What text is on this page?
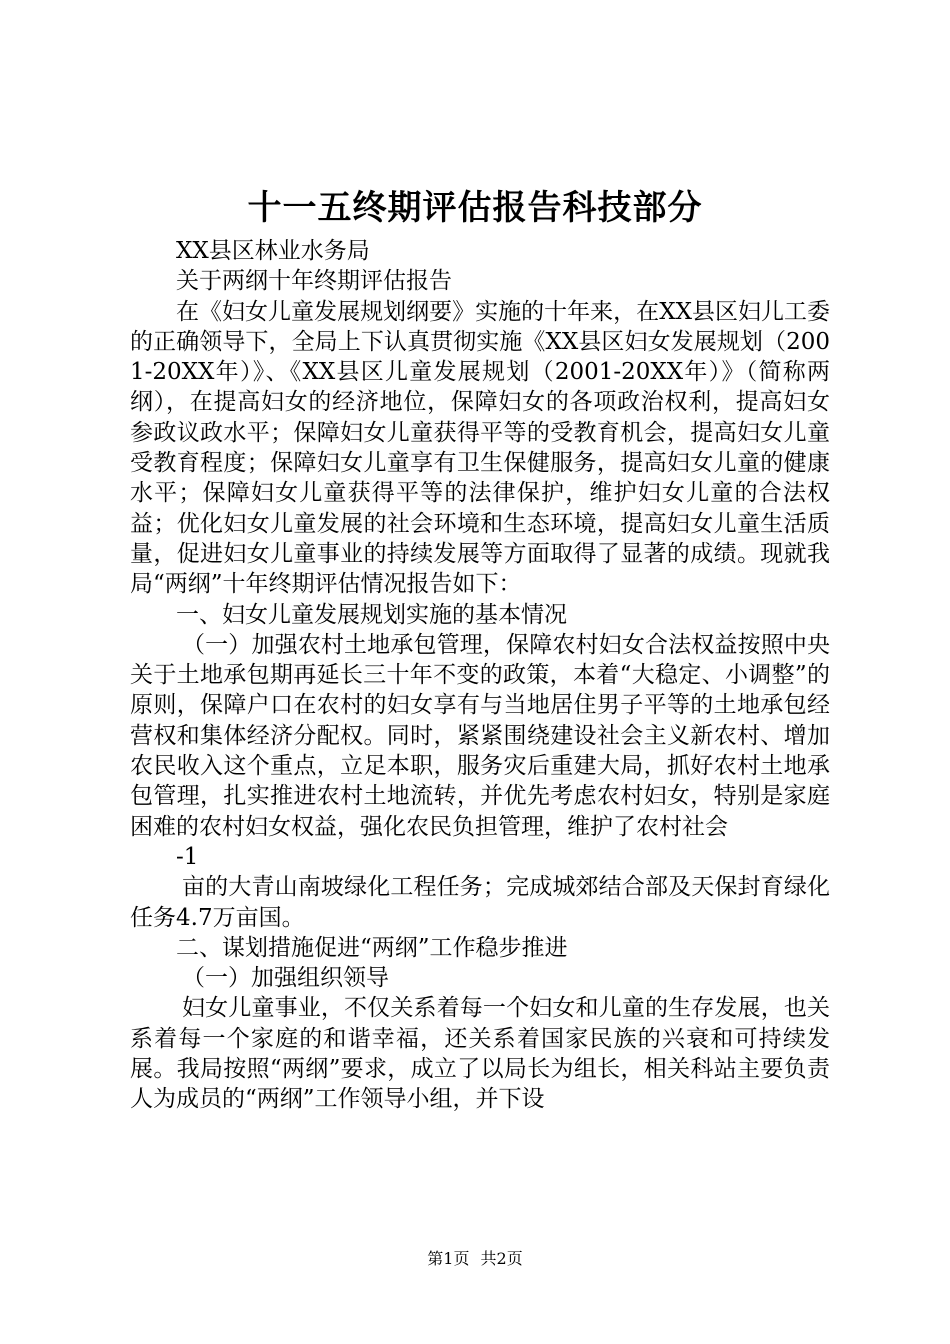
十一五终期评估报告科技部分

XX县区林业水务局

关于两纲十年终期评估报告

在《妇女儿童发展规划纲要》实施的十年来，在XX县区妇儿工委的正确领导下，全局上下认真贯彻实施《XX县区妇女发展规划（2001-20XX年）》、《XX县区儿童发展规划（2001-20XX年）》（简称两纲），在提高妇女的经济地位，保障妇女的各项政治权利，提高妇女参政议政水平；保障妇女儿童获得平等的受教育机会，提高妇女儿童受教育程度；保障妇女儿童享有卫生保健服务，提高妇女儿童的健康水平；保障妇女儿童获得平等的法律保护，维护妇女儿童的合法权益；优化妇女儿童发展的社会环境和生态环境，提高妇女儿童生活质量，促进妇女儿童事业的持续发展等方面取得了显著的成绩。现就我局“两纲”十年终期评估情况报告如下：

一、妇女儿童发展规划实施的基本情况

（一）加强农村土地承包管理，保障农村妇女合法权益按照中央关于土地承包期再延长三十年不变的政策，本着“大稳定、小调整”的原则，保障户口在农村的妇女享有与当地居住男子平等的土地承包经营权和集体经济分配权。同时，紧紧围绕建设社会主义新农村、增加农民收入这个重点，立足本职，服务灾后重建大局，抓好农村土地承包管理，扎实推进农村土地流转，并优先考虑农村妇女，特别是家庭困难的农村妇女权益，强化农民负担管理，维护了农村社会

-1

亩的大青山南坡绿化工程任务；完成城郊结合部及天保封育绿化任务4.7万亩国。

二、谋划措施促进“两纲”工作稳步推进

（一）加强组织领导

妇女儿童事业，不仅关系着每一个妇女和儿童的生存发展，也关系着每一个家庭的和谐幸福，还关系着国家民族的兴衰和可持续发展。我局按照“两纲”要求，成立了以局长为组长，相关科站主要负责人为成员的“两纲”工作领导小组，并下设

第1页 共2页
